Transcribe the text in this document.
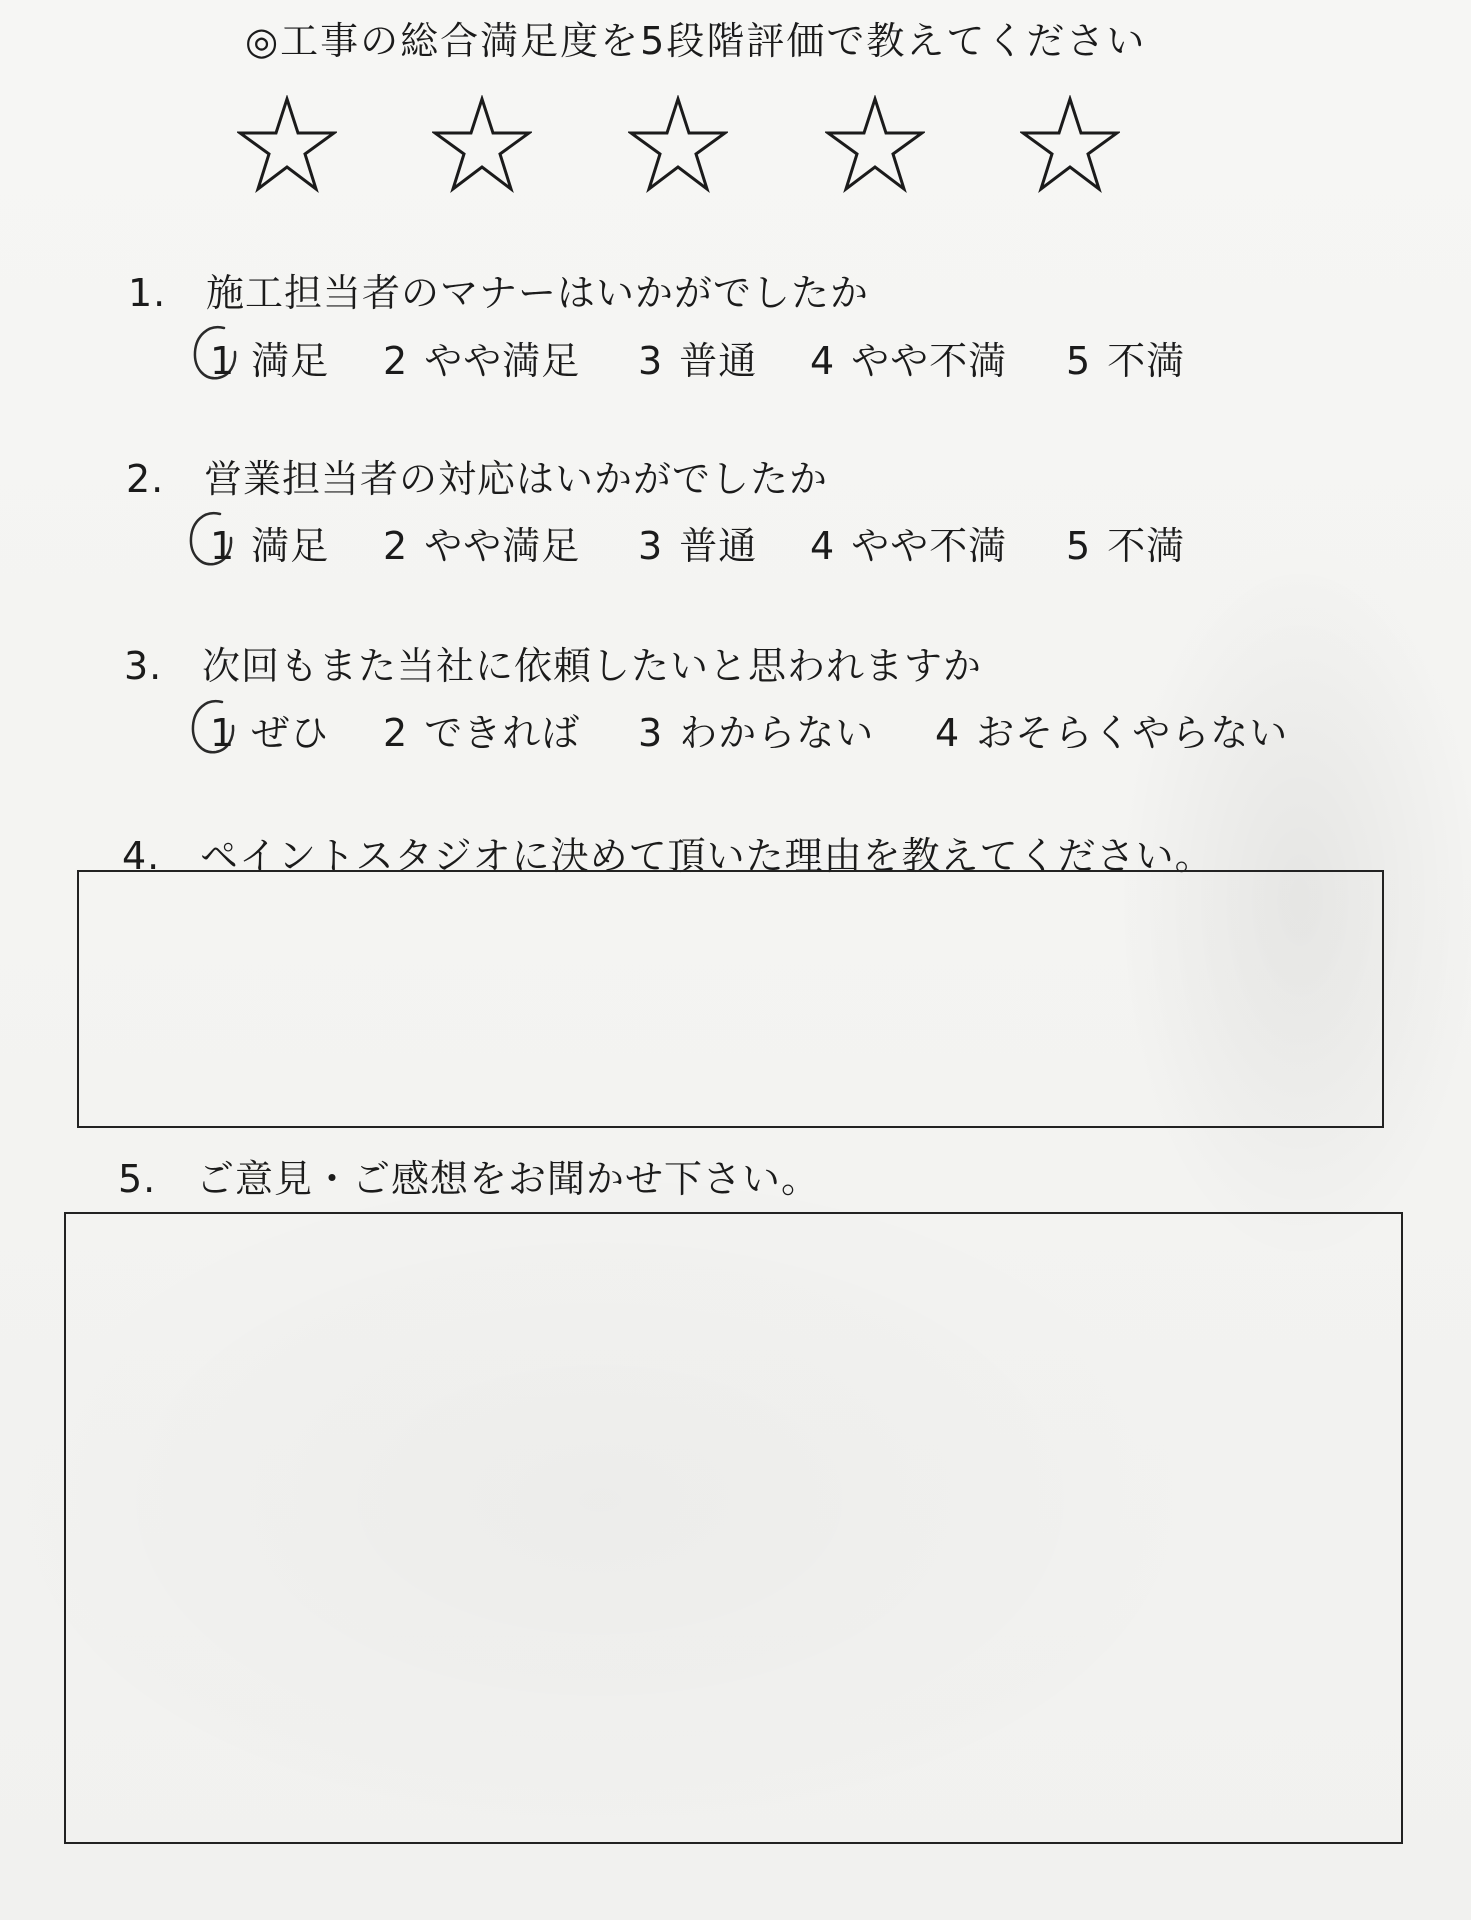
◎工事の総合満足度を5段階評価で教えてください
1. 施工担当者のマナーはいかがでしたか
1 満足 2 やや満足 3 普通 4 やや不満 5 不満
2. 営業担当者の対応はいかがでしたか
1 満足 2 やや満足 3 普通 4 やや不満 5 不満
3. 次回もまた当社に依頼したいと思われますか
1 ぜひ 2 できれば 3 わからない 4 おそらくやらない
4. ペイントスタジオに決めて頂いた理由を教えてください。
5. ご意見・ご感想をお聞かせ下さい。
